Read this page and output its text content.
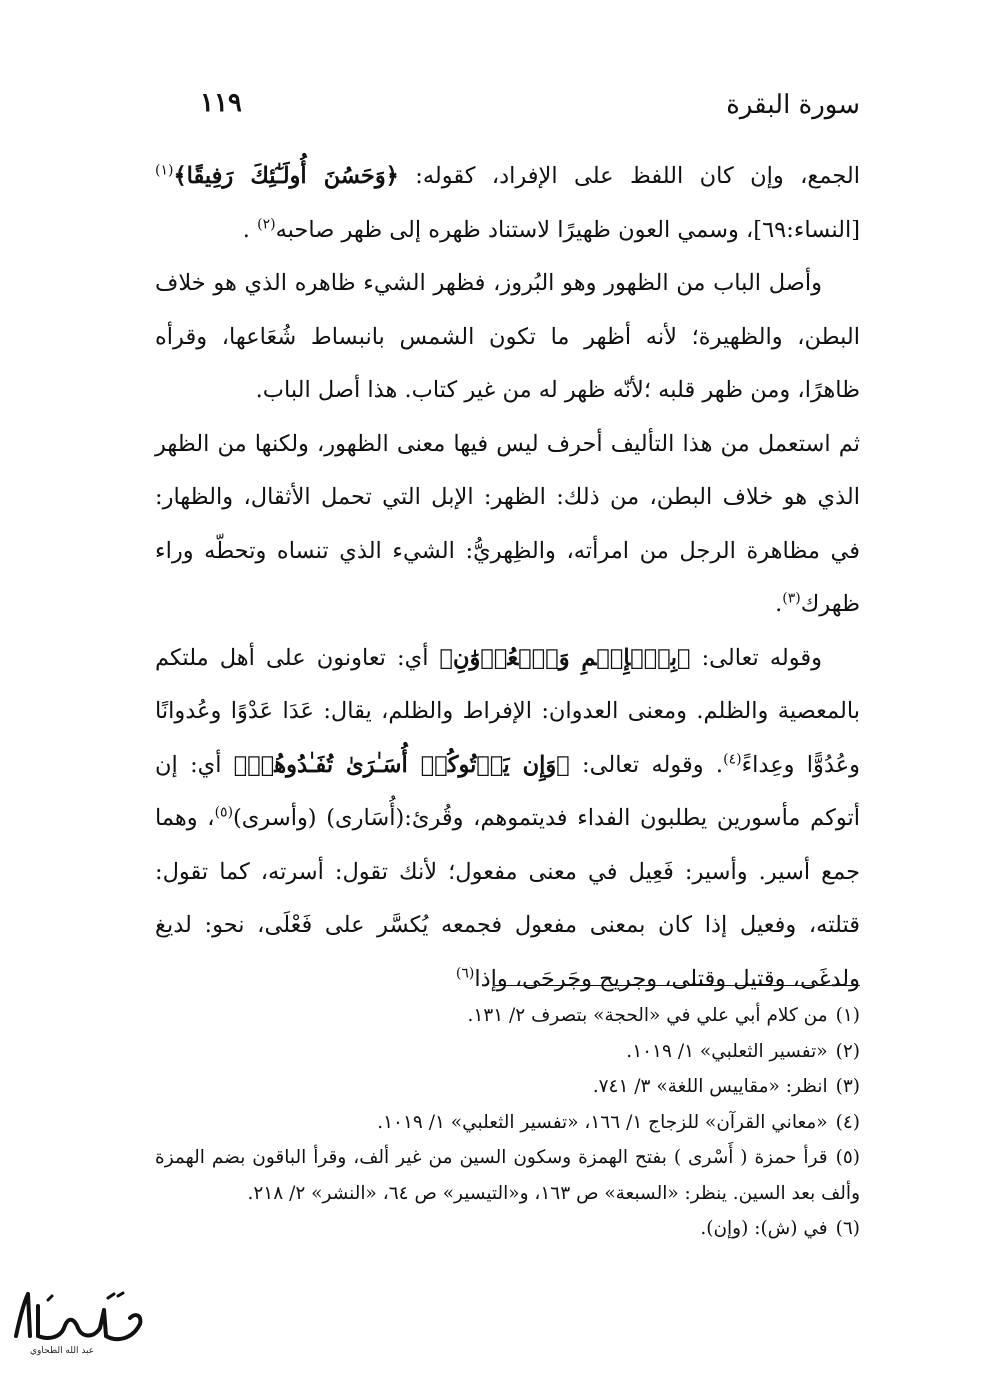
١١٩	سورة البقرة

الجمع، وإن كان اللفظ على الإفراد، كقوله: ﴿وَحَسُنَ أُولَـٰٓئِكَ رَفِيقًا﴾$^{(١)}$ [النساء:٦٩]، وسمي العون ظهيرًا لاستناد ظهره إلى ظهر صاحبه$^{(٢)}$ .

وأصل الباب من الظهور وهو البُروز، فظهر الشيء ظاهره الذي هو خلاف البطن، والظهيرة؛ لأنه أظهر ما تكون الشمس بانبساط شُعَاعها، وقرأه ظاهرًا، ومن ظهر قلبه ؛لأنّه ظهر له من غير كتاب. هذا أصل الباب.

ثم استعمل من هذا التأليف أحرف ليس فيها معنى الظهور، ولكنها من الظهر الذي هو خلاف البطن، من ذلك: الظهر: الإبل التي تحمل الأثقال، والظهار: في مظاهرة الرجل من امرأته، والظِهريُّ: الشيء الذي تنساه وتحطّه وراء ظهرك$^{(٣)}$.

وقوله تعالى: ﴿بِٱلۡإِثۡمِ وَٱلۡعُدۡوَٰنِ﴾ أي: تعاونون على أهل ملتكم بالمعصية والظلم. ومعنى العدوان: الإفراط والظلم، يقال: عَدَا عَدْوًا وعُدوانًا وعُدُوًّا وعِداءً$^{(٤)}$. وقوله تعالى: ﴿وَإِن يَأۡتُوكُمۡ أُسَـٰرَىٰ تُفَـٰدُوهُمۡ﴾ أي: إن أتوكم مأسورين يطلبون الفداء فديتموهم، وقُرئ:(أُسَارى) (وأسرى)$^{(٥)}$، وهما جمع أسير. وأسير: فَعِيل في معنى مفعول؛ لأنك تقول: أسرته، كما تقول: قتلته، وفعيل إذا كان بمعنى مفعول فجمعه يُكسَّر على فَعْلَى، نحو: لديغ ولدغَى، وقتيل وقتلى، وجريح وجَرحَى، وإذا$^{(٦)}$

(١)من كلام أبي علي في «الحجة» بتصرف ٢/ ١٣١.

(٢)«تفسير الثعلبي» ١/ ١٠١٩.

(٣)انظر: «مقاييس اللغة» ٣/ ٧٤١.

(٤)«معاني القرآن» للزجاج ١/ ١٦٦، «تفسير الثعلبي» ١/ ١٠١٩.

(٥)قرأ حمزة ( أَسْرى ) بفتح الهمزة وسكون السين من غير ألف، وقرأ الباقون بضم الهمزة وألف بعد السين. ينظر: «السبعة» ص ١٦٣، و«التيسير» ص ٦٤، «النشر» ٢/ ٢١٨.

(٦)في (ش): (وإن).

عبد الله الطحاوي
